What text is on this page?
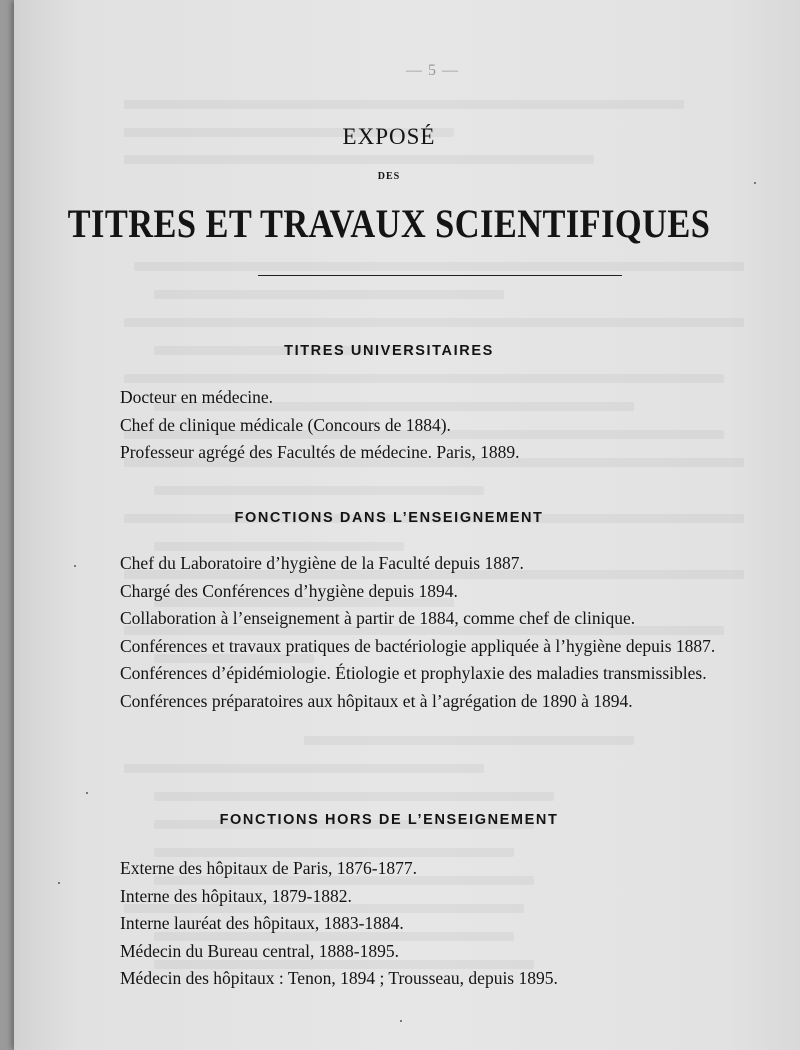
— 5 —
EXPOSÉ
DES
TITRES ET TRAVAUX SCIENTIFIQUES
TITRES UNIVERSITAIRES
Docteur en médecine.
Chef de clinique médicale (Concours de 1884).
Professeur agrégé des Facultés de médecine. Paris, 1889.
FONCTIONS DANS L’ENSEIGNEMENT
Chef du Laboratoire d’hygiène de la Faculté depuis 1887.
Chargé des Conférences d’hygiène depuis 1894.
Collaboration à l’enseignement à partir de 1884, comme chef de clinique.
Conférences et travaux pratiques de bactériologie appliquée à l’hygiène depuis 1887.
Conférences d’épidémiologie. Étiologie et prophylaxie des maladies transmissibles.
Conférences préparatoires aux hôpitaux et à l’agrégation de 1890 à 1894.
FONCTIONS HORS DE L’ENSEIGNEMENT
Externe des hôpitaux de Paris, 1876-1877.
Interne des hôpitaux, 1879-1882.
Interne lauréat des hôpitaux, 1883-1884.
Médecin du Bureau central, 1888-1895.
Médecin des hôpitaux : Tenon, 1894 ; Trousseau, depuis 1895.
